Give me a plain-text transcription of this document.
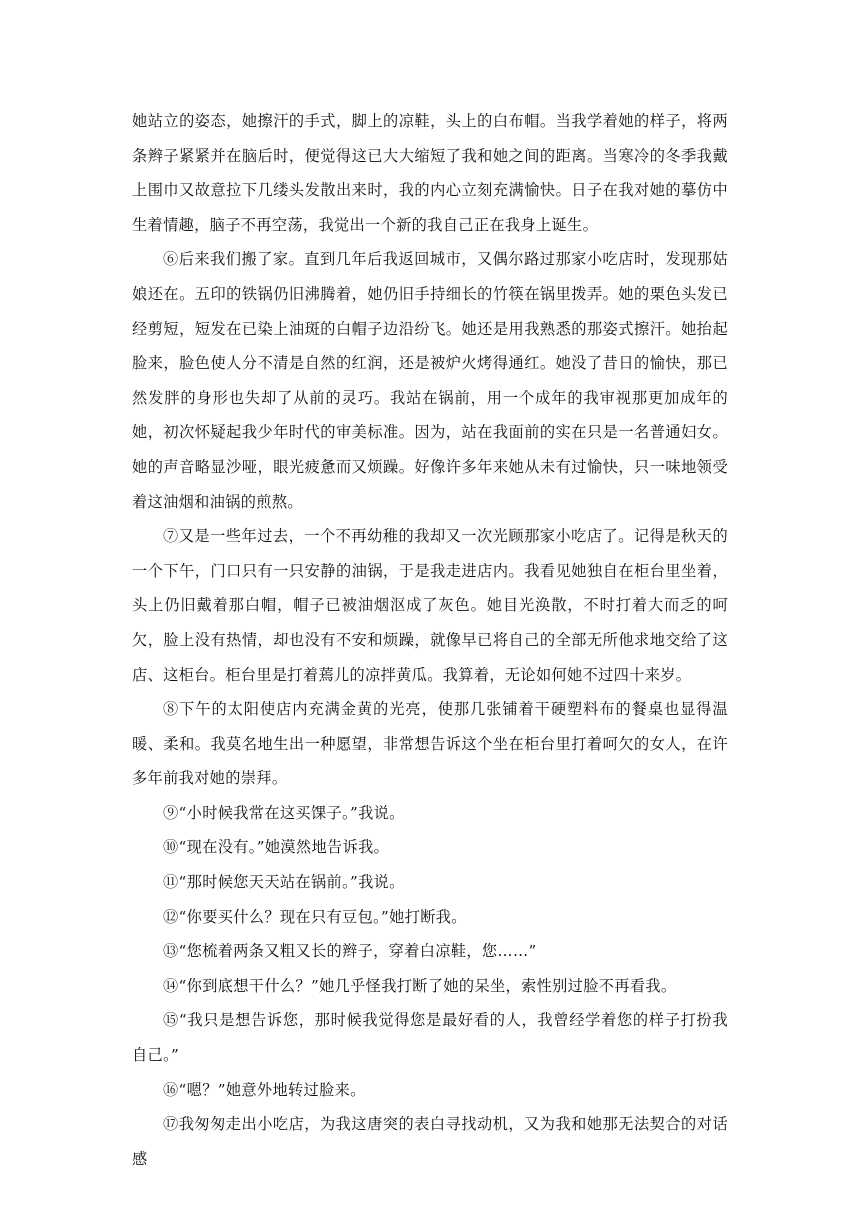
她站立的姿态，她擦汗的手式，脚上的凉鞋，头上的白布帽。当我学着她的样子，将两条辫子紧紧并在脑后时，便觉得这已大大缩短了我和她之间的距离。当寒冷的冬季我戴上围巾又故意拉下几缕头发散出来时，我的内心立刻充满愉快。日子在我对她的摹仿中生着情趣，脑子不再空荡，我觉出一个新的我自己正在我身上诞生。

⑥后来我们搬了家。直到几年后我返回城市，又偶尔路过那家小吃店时，发现那姑娘还在。五印的铁锅仍旧沸腾着，她仍旧手持细长的竹筷在锅里拨弄。她的栗色头发已经剪短，短发在已染上油斑的白帽子边沿纷飞。她还是用我熟悉的那姿式擦汗。她抬起脸来，脸色使人分不清是自然的红润，还是被炉火烤得通红。她没了昔日的愉快，那已然发胖的身形也失却了从前的灵巧。我站在锅前，用一个成年的我审视那更加成年的她，初次怀疑起我少年时代的审美标准。因为，站在我面前的实在只是一名普通妇女。她的声音略显沙哑，眼光疲惫而又烦躁。好像许多年来她从未有过愉快，只一味地领受着这油烟和油锅的煎熬。

⑦又是一些年过去，一个不再幼稚的我却又一次光顾那家小吃店了。记得是秋天的一个下午，门口只有一只安静的油锅，于是我走进店内。我看见她独自在柜台里坐着，头上仍旧戴着那白帽，帽子已被油烟沤成了灰色。她目光涣散，不时打着大而乏的呵欠，脸上没有热情，却也没有不安和烦躁，就像早已将自己的全部无所他求地交给了这店、这柜台。柜台里是打着蔫儿的凉拌黄瓜。我算着，无论如何她不过四十来岁。

⑧下午的太阳使店内充满金黄的光亮，使那几张铺着干硬塑料布的餐桌也显得温暖、柔和。我莫名地生出一种愿望，非常想告诉这个坐在柜台里打着呵欠的女人，在许多年前我对她的崇拜。

⑨“小时候我常在这买馃子。”我说。

⑩“现在没有。”她漠然地告诉我。

⑪“那时候您天天站在锅前。”我说。

⑫“你要买什么？现在只有豆包。”她打断我。

⑬“您梳着两条又粗又长的辫子，穿着白凉鞋，您……”

⑭“你到底想干什么？”她几乎怪我打断了她的呆坐，索性别过脸不再看我。

⑮“我只是想告诉您，那时候我觉得您是最好看的人，我曾经学着您的样子打扮我自己。”

⑯“嗯？”她意外地转过脸来。

⑰我匆匆走出小吃店，为我这唐突的表白寻找动机，又为我和她那无法契合的对话感
